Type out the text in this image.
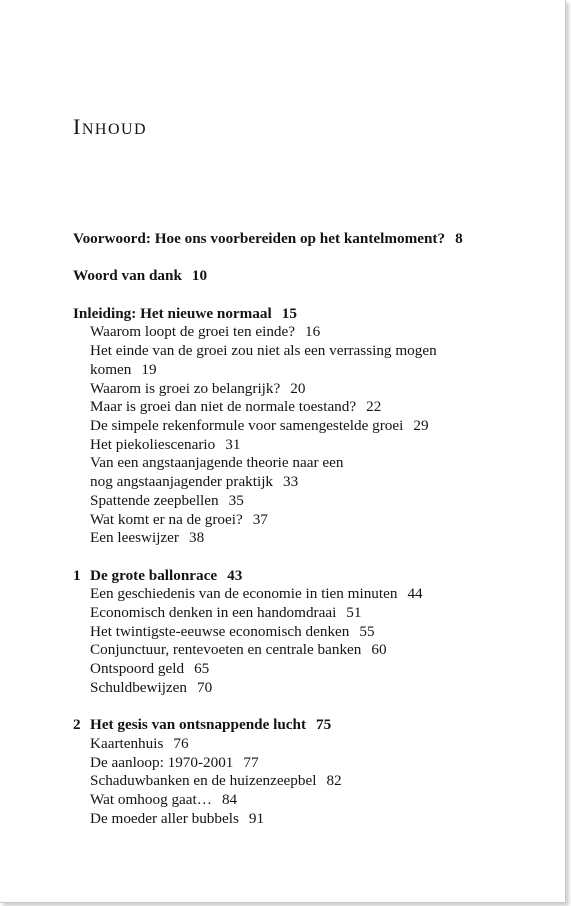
INHOUD
Voorwoord: Hoe ons voorbereiden op het kantelmoment? 8
Woord van dank 10
Inleiding: Het nieuwe normaal 15
Waarom loopt de groei ten einde? 16
Het einde van de groei zou niet als een verrassing mogen
komen 19
Waarom is groei zo belangrijk? 20
Maar is groei dan niet de normale toestand? 22
De simpele rekenformule voor samengestelde groei 29
Het piekoliescenario 31
Van een angstaanjagende theorie naar een
nog angstaanjagender praktijk 33
Spattende zeepbellen 35
Wat komt er na de groei? 37
Een leeswijzer 38
1 De grote ballonrace 43
Een geschiedenis van de economie in tien minuten 44
Economisch denken in een handomdraai 51
Het twintigste-eeuwse economisch denken 55
Conjunctuur, rentevoeten en centrale banken 60
Ontspoord geld 65
Schuldbewijzen 70
2 Het gesis van ontsnappende lucht 75
Kaartenhuis 76
De aanloop: 1970-2001 77
Schaduwbanken en de huizenzeepbel 82
Wat omhoog gaat… 84
De moeder aller bubbels 91
